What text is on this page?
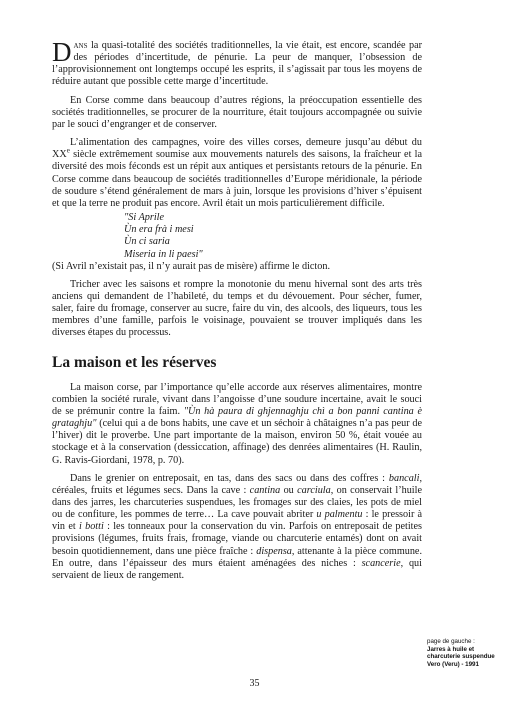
Dans la quasi-totalité des sociétés traditionnelles, la vie était, est encore, scandée par des périodes d’incertitude, de pénurie. La peur de manquer, l’obsession de l’approvisionnement ont longtemps occupé les esprits, il s’agissait par tous les moyens de réduire autant que possible cette marge d’incertitude.

En Corse comme dans beaucoup d’autres régions, la préoccupation essentielle des sociétés traditionnelles, se procurer de la nourriture, était toujours accompagnée ou suivie par le souci d’engranger et de conserver.

L’alimentation des campagnes, voire des villes corses, demeure jusqu’au début du XXe siècle extrêmement soumise aux mouvements naturels des saisons, la fraîcheur et la diversité des mois féconds est un répit aux antiques et persistants retours de la pénurie. En Corse comme dans beaucoup de sociétés traditionnelles d’Europe méridionale, la période de soudure s’étend généralement de mars à juin, lorsque les provisions d’hiver s’épuisent et que la terre ne produit pas encore. Avril était un mois particulièrement difficile.

"Si Aprile
Ùn era frà i mesi
Ùn ci saria
Miseria in li paesi"

(Si Avril n’existait pas, il n’y aurait pas de misère) affirme le dicton.

Tricher avec les saisons et rompre la monotonie du menu hivernal sont des arts très anciens qui demandent de l’habileté, du temps et du dévouement. Pour sécher, fumer, saler, faire du fromage, conserver au sucre, faire du vin, des alcools, des liqueurs, tous les membres d’une famille, parfois le voisinage, pouvaient se trouver impliqués dans les diverses étapes du processus.

La maison et les réserves

La maison corse, par l’importance qu’elle accorde aux réserves alimentaires, montre combien la société rurale, vivant dans l’angoisse d’une soudure incertaine, avait le souci de se prémunir contre la faim. "Ùn hà paura di ghjennaghju chì a bon panni cantina è grataghju" (celui qui a de bons habits, une cave et un séchoir à châtaignes n’a pas peur de l’hiver) dit le proverbe. Une part importante de la maison, environ 50 %, était vouée au stockage et à la conservation (dessiccation, affinage) des denrées alimentaires (H. Raulin, G. Ravis-Giordani, 1978, p. 70).

Dans le grenier on entreposait, en tas, dans des sacs ou dans des coffres : bancali, céréales, fruits et légumes secs. Dans la cave : cantina ou carciula, on conservait l’huile dans des jarres, les charcuteries suspendues, les fromages sur des claies, les pots de miel ou de confiture, les pommes de terre… La cave pouvait abriter u palmentu : le pressoir à vin et i botti : les tonneaux pour la conservation du vin. Parfois on entreposait de petites provisions (légumes, fruits frais, fromage, viande ou charcuterie entamés) dont on avait besoin quotidiennement, dans une pièce fraîche : dispensa, attenante à la pièce commune. En outre, dans l’épaisseur des murs étaient aménagées des niches : scancerie, qui servaient de lieux de rangement.

page de gauche :
Jarres à huile et charcuterie suspendue
Vero (Veru) - 1991
35
